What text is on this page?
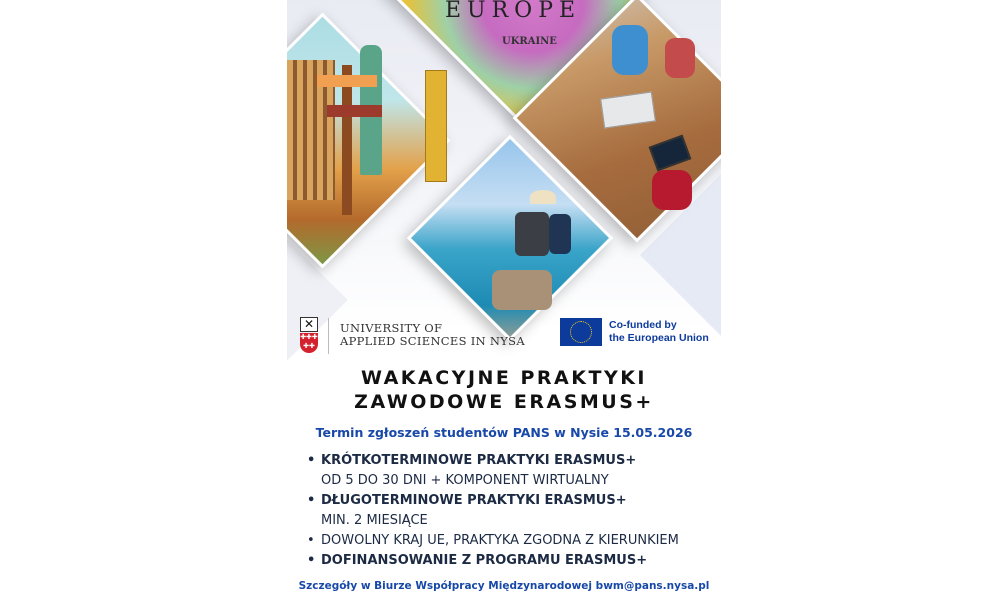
EUROPE
UKRAINE
✕
✚✚✚
✚✚
UNIVERSITY OF
APPLIED SCIENCES IN NYSA
Co-funded by
the European Union
WAKACYJNE PRAKTYKI
ZAWODOWE ERASMUS+
Termin zgłoszeń studentów PANS w Nysie 15.05.2026
• KRÓTKOTERMINOWE PRAKTYKI ERASMUS+
OD 5 DO 30 DNI + KOMPONENT WIRTUALNY
• DŁUGOTERMINOWE PRAKTYKI ERASMUS+
MIN. 2 MIESIĄCE
• DOWOLNY KRAJ UE, PRAKTYKA ZGODNA Z KIERUNKIEM
• DOFINANSOWANIE Z PROGRAMU ERASMUS+
Szczegóły w Biurze Współpracy Międzynarodowej bwm@pans.nysa.pl
